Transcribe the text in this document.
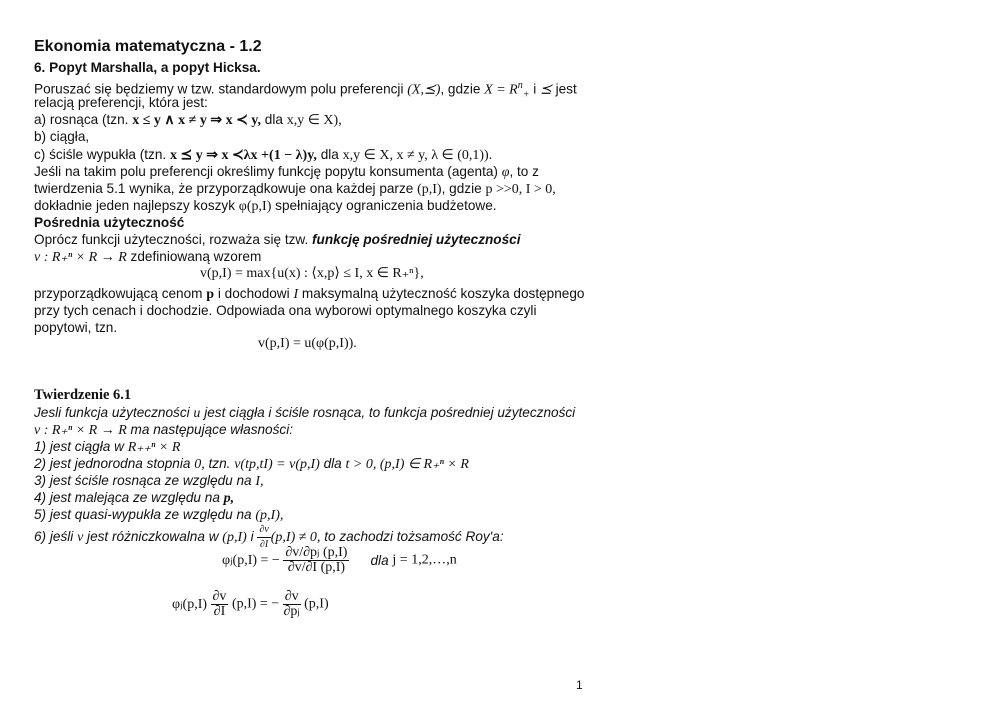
Ekonomia matematyczna - 1.2

6. Popyt Marshalla, a popyt Hicksa.

Poruszać się będziemy w tzw. standardowym polu preferencji (X,⪯), gdzie $X = R^n_+$ i ⪯ jest

relacją preferencji, która jest:

a) rosnąca (tzn. x ≤ y ∧ x ≠ y ⇒ x ≺ y, dla x,y ∈ X),

b) ciągła,

c) ściśle wypukła (tzn. x ⪯ y ⇒ x ≺λx +(1 − λ)y, dla x,y ∈ X, x ≠ y, λ ∈ (0,1)).

Jeśli na takim polu preferencji określimy funkcję popytu konsumenta (agenta) φ, to z

twierdzenia 5.1 wynika, że przyporządkowuje ona każdej parze (p,I), gdzie p >>0, I > 0,

dokładnie jeden najlepszy koszyk φ(p,I) spełniający ograniczenia budżetowe.

Pośrednia użyteczność

Oprócz funkcji użyteczności, rozważa się tzw. funkcję pośredniej użyteczności

v : R₊ⁿ × R → R zdefiniowaną wzorem

v(p,I) = max{u(x) : ⟨x,p⟩ ≤ I, x ∈ R₊ⁿ},

przyporządkowującą cenom p i dochodowi I maksymalną użyteczność koszyka dostępnego

przy tych cenach i dochodzie. Odpowiada ona wyborowi optymalnego koszyka czyli

popytowi, tzn.

v(p,I) = u(φ(p,I)).

Twierdzenie 6.1

Jesli funkcja użyteczności u jest ciągła i ściśle rosnąca, to funkcja pośredniej użyteczności

v : R₊ⁿ × R → R ma następujące własności:

1) jest ciągła w R₊₊ⁿ × R

2) jest jednorodna stopnia 0, tzn. v(tp,tI) = v(p,I) dla t > 0, (p,I) ∈ R₊ⁿ × R

3) jest ściśle rosnąca ze względu na I,

4) jest malejąca ze względu na p,

5) jest quasi-wypukła ze względu na (p,I),

6) jeśli v jest różniczkowalna w (p,I) i $\frac{\partial v}{\partial I} (p,I) \ne 0$, to zachodzi tożsamość Roy'a:

φⱼ(p,I) = − $\frac{\text{∂v/∂pⱼ (p,I)}}{\partial v/\partial I (p,I)}$ dla j = 1,2,…,n
φⱼ(p,I) $\frac{\partial v}{\partial I} (p,I)$ = − $\frac{\partial v}{\text{∂pⱼ}} (p,I)$
1
